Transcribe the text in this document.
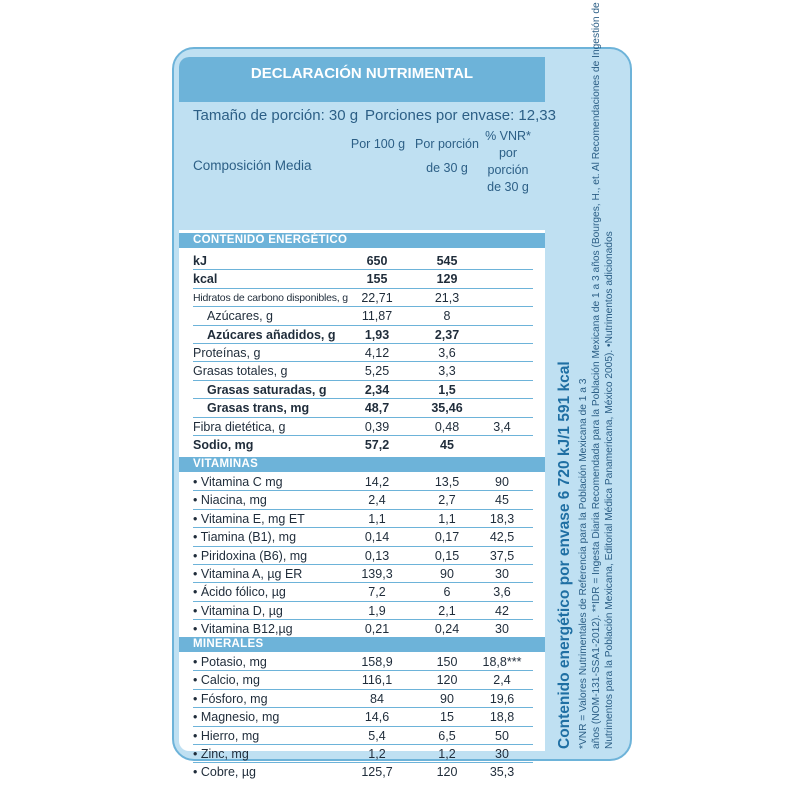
DECLARACIÓN NUTRIMENTAL
Tamaño de porción: 30 g Porciones por envase: 12,33
Composición Media
Por 100 g Por porción
de 30 g
% VNR*
por porción
de 30 g
CONTENIDO ENERGÉTICO
kJ	650	545
kcal	155	129
Hidratos de carbono disponibles, g	22,71	21,3
Azúcares, g	11,87	8
Azúcares añadidos, g	1,93	2,37
Proteínas, g	4,12	3,6
Grasas totales, g	5,25	3,3
Grasas saturadas, g	2,34	1,5
Grasas trans, mg	48,7	35,46
Fibra dietética, g	0,39	0,48	3,4
Sodio, mg	57,2	45
VITAMINAS
• Vitamina C mg	14,2	13,5	90
• Niacina, mg	2,4	2,7	45
• Vitamina E, mg ET	1,1	1,1	18,3
• Tiamina (B1), mg	0,14	0,17	42,5
• Piridoxina (B6), mg	0,13	0,15	37,5
• Vitamina A, µg ER	139,3	90	30
• Ácido fólico, µg	7,2	6	3,6
• Vitamina D, µg	1,9	2,1	42
• Vitamina B12,µg	0,21	0,24	30
MINERALES
• Potasio, mg	158,9	150	18,8***
• Calcio, mg	116,1	120	2,4
• Fósforo, mg	84	90	19,6
• Magnesio, mg	14,6	15	18,8
• Hierro, mg	5,4	6,5	50
• Zinc, mg	1,2	1,2	30
• Cobre, µg	125,7	120	35,3
Contenido energético por envase 6 720 kJ/1 591 kcal *VNR = Valores Nutrimentales de Referencia para la Población Mexicana de 1 a 3 años (NOM-131-SSA1-2012). **IDR = Ingesta Diaria Recomendada para la Población Mexicana de 1 a 3 años (Bourges, H., et. Al Recomendaciones de Ingestión de Nutrimentos para la Población Mexicana, Editorial Médica Panamericana, México 2005). •Nutrimentos adicionados
